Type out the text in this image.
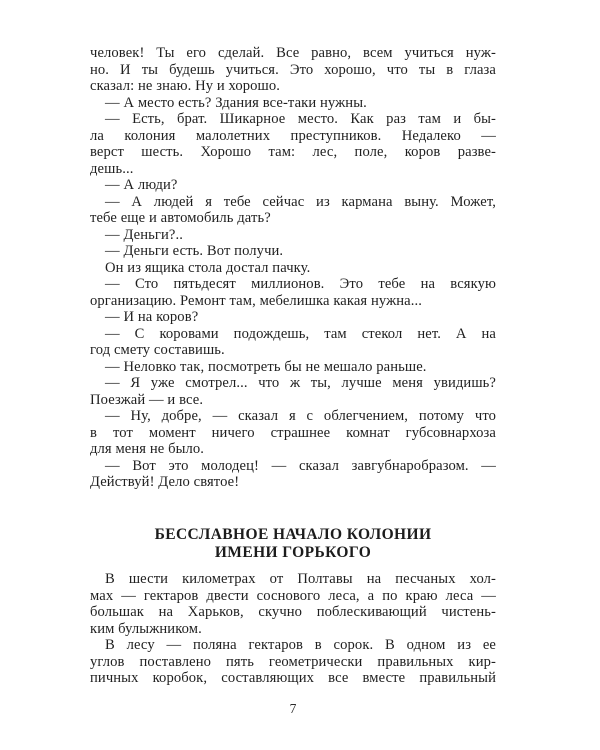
человек! Ты его сделай. Все равно, всем учиться нуж-
но. И ты будешь учиться. Это хорошо, что ты в глаза
сказал: не знаю. Ну и хорошо.
— А место есть? Здания все-таки нужны.
— Есть, брат. Шикарное место. Как раз там и бы-
ла колония малолетних преступников. Недалеко —
верст шесть. Хорошо там: лес, поле, коров разве-
дешь...
— А люди?
— А людей я тебе сейчас из кармана выну. Может,
тебе еще и автомобиль дать?
— Деньги?..
— Деньги есть. Вот получи.
Он из ящика стола достал пачку.
— Сто пятьдесят миллионов. Это тебе на всякую
организацию. Ремонт там, мебелишка какая нужна...
— И на коров?
— С коровами подождешь, там стекол нет. А на
год смету составишь.
— Неловко так, посмотреть бы не мешало раньше.
— Я уже смотрел... что ж ты, лучше меня увидишь?
Поезжай — и все.
— Ну, добре, — сказал я с облегчением, потому что
в тот момент ничего страшнее комнат губсовнархоза
для меня не было.
— Вот это молодец! — сказал завгубнаробразом. —
Действуй! Дело святое!
БЕССЛАВНОЕ НАЧАЛО КОЛОНИИ
ИМЕНИ ГОРЬКОГО
В шести километрах от Полтавы на песчаных хол-
мах — гектаров двести соснового леса, а по краю леса —
большак на Харьков, скучно поблескивающий чистень-
ким булыжником.
В лесу — поляна гектаров в сорок. В одном из ее
углов поставлено пять геометрически правильных кир-
пичных коробок, составляющих все вместе правильный
7
